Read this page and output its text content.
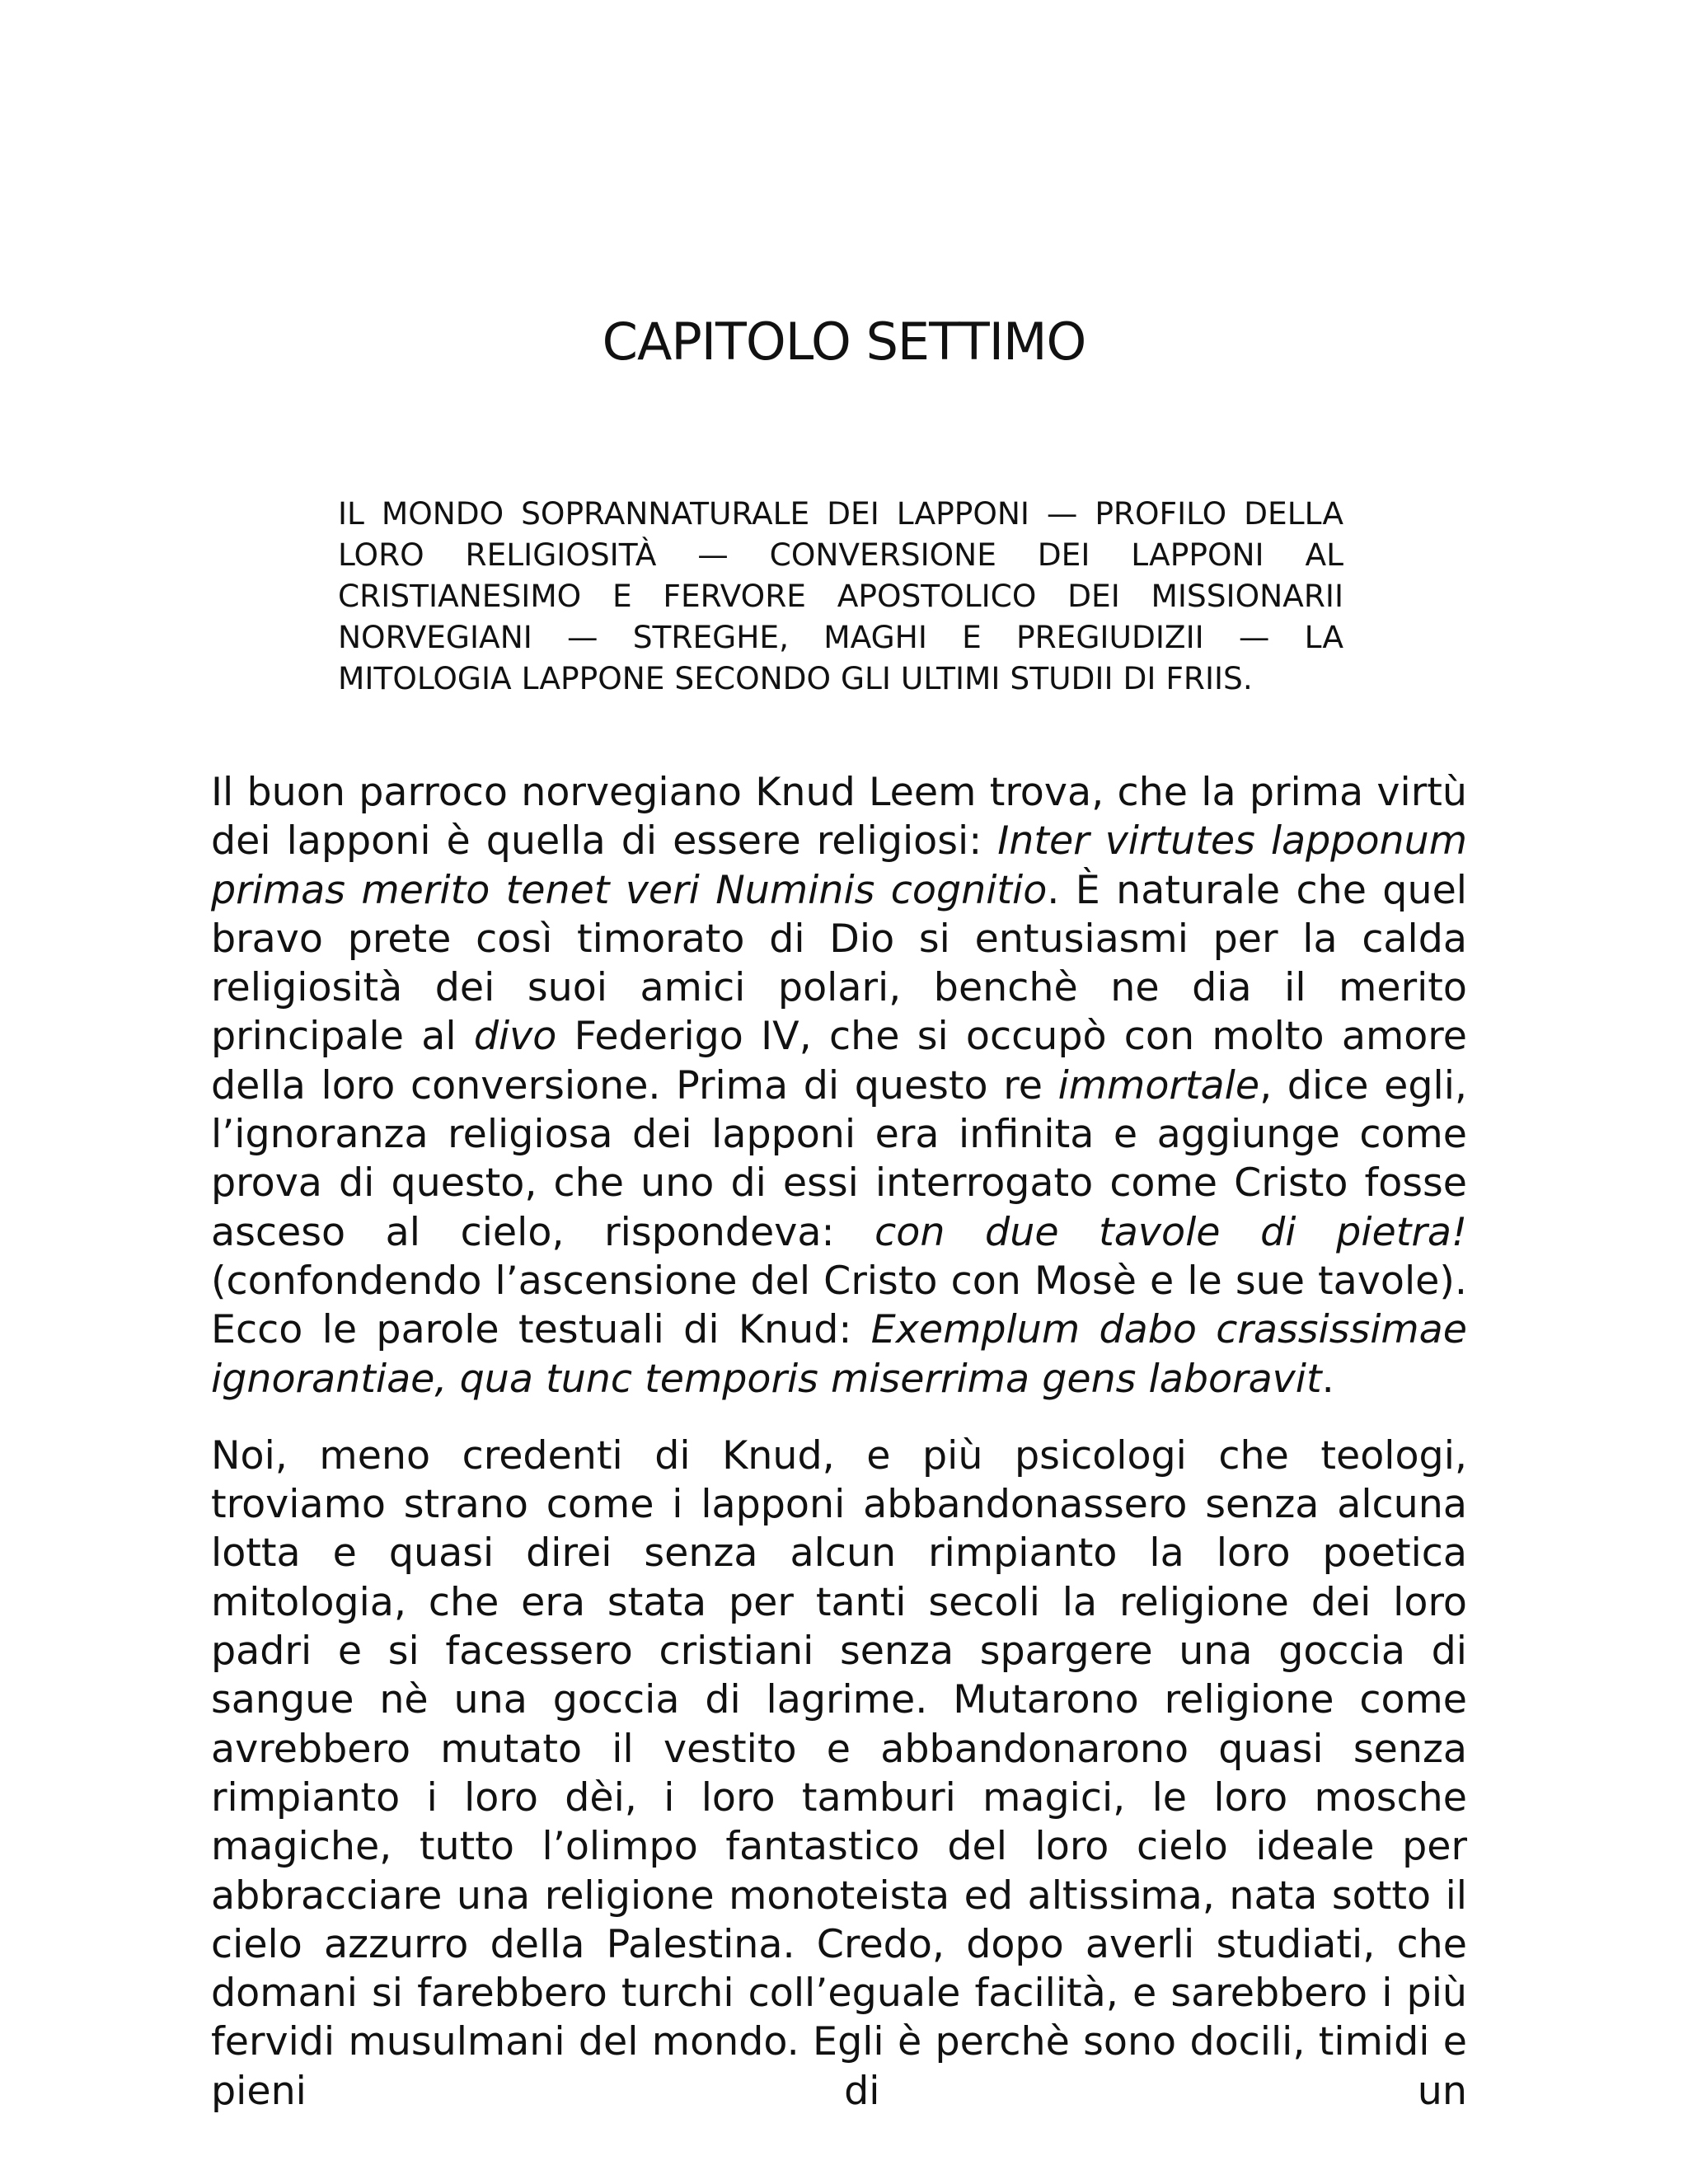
CAPITOLO SETTIMO

IL MONDO SOPRANNATURALE DEI LAPPONI — PROFILO DELLA LORO RELIGIOSITÀ — CONVERSIONE DEI LAPPONI AL CRISTIANESIMO E FERVORE APOSTOLICO DEI MISSIONARII NORVEGIANI — STREGHE, MAGHI E PREGIUDIZII — LA MITOLOGIA LAPPONE SECONDO GLI ULTIMI STUDII DI FRIIS.

Il buon parroco norvegiano Knud Leem trova, che la prima virtù dei lapponi è quella di essere religiosi: Inter virtutes lapponum primas merito tenet veri Numinis cognitio. È naturale che quel bravo prete così timorato di Dio si entusiasmi per la calda religiosità dei suoi amici polari, benchè ne dia il merito principale al divo Federigo IV, che si occupò con molto amore della loro conversione. Prima di questo re immortale, dice egli, l’ignoranza religiosa dei lapponi era infinita e aggiunge come prova di questo, che uno di essi interrogato come Cristo fosse asceso al cielo, rispondeva: con due tavole di pietra! (confondendo l’ascensione del Cristo con Mosè e le sue tavole). Ecco le parole testuali di Knud: Exemplum dabo crassissimae ignorantiae, qua tunc temporis miserrima gens laboravit.

Noi, meno credenti di Knud, e più psicologi che teologi, troviamo strano come i lapponi abbandonassero senza alcuna lotta e quasi direi senza alcun rimpianto la loro poetica mitologia, che era stata per tanti secoli la religione dei loro padri e si facessero cristiani senza spargere una goccia di sangue nè una goccia di lagrime. Mutarono religione come avrebbero mutato il vestito e abbandonarono quasi senza rimpianto i loro dèi, i loro tamburi magici, le loro mosche magiche, tutto l’olimpo fantastico del loro cielo ideale per abbracciare una religione monoteista ed altissima, nata sotto il cielo azzurro della Palestina. Credo, dopo averli studiati, che domani si farebbero turchi coll’eguale facilità, e sarebbero i più fervidi musulmani del mondo. Egli è perchè sono docili, timidi e pieni di un
